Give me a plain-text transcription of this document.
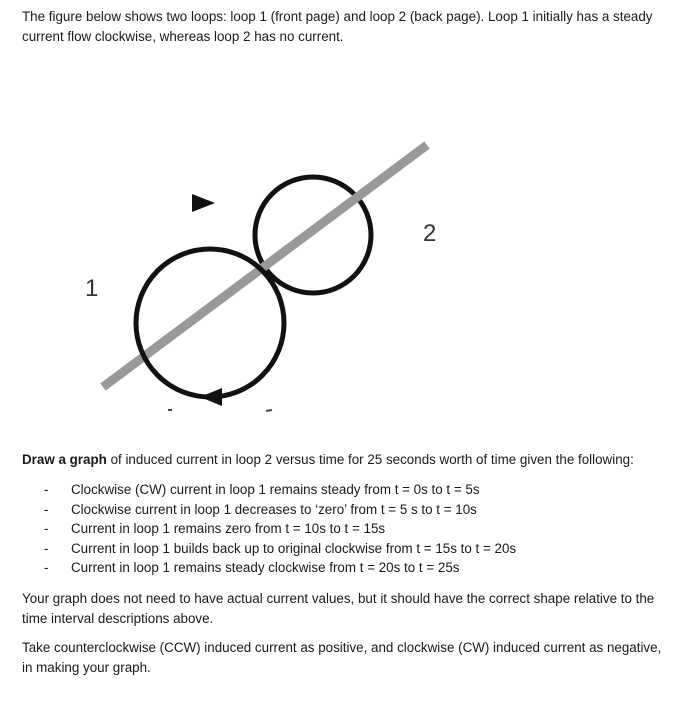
The figure below shows two loops: loop 1 (front page) and loop 2 (back page). Loop 1 initially has a steady current flow clockwise, whereas loop 2 has no current.

1
2

Draw a graph of induced current in loop 2 versus time for 25 seconds worth of time given the following:

- Clockwise (CW) current in loop 1 remains steady from t = 0s to t = 5s
- Clockwise current in loop 1 decreases to ‘zero’ from t = 5 s to t = 10s
- Current in loop 1 remains zero from t = 10s to t = 15s
- Current in loop 1 builds back up to original clockwise from t = 15s to t = 20s
- Current in loop 1 remains steady clockwise from t = 20s to t = 25s

Your graph does not need to have actual current values, but it should have the correct shape relative to the time interval descriptions above.

Take counterclockwise (CCW) induced current as positive, and clockwise (CW) induced current as negative, in making your graph.
